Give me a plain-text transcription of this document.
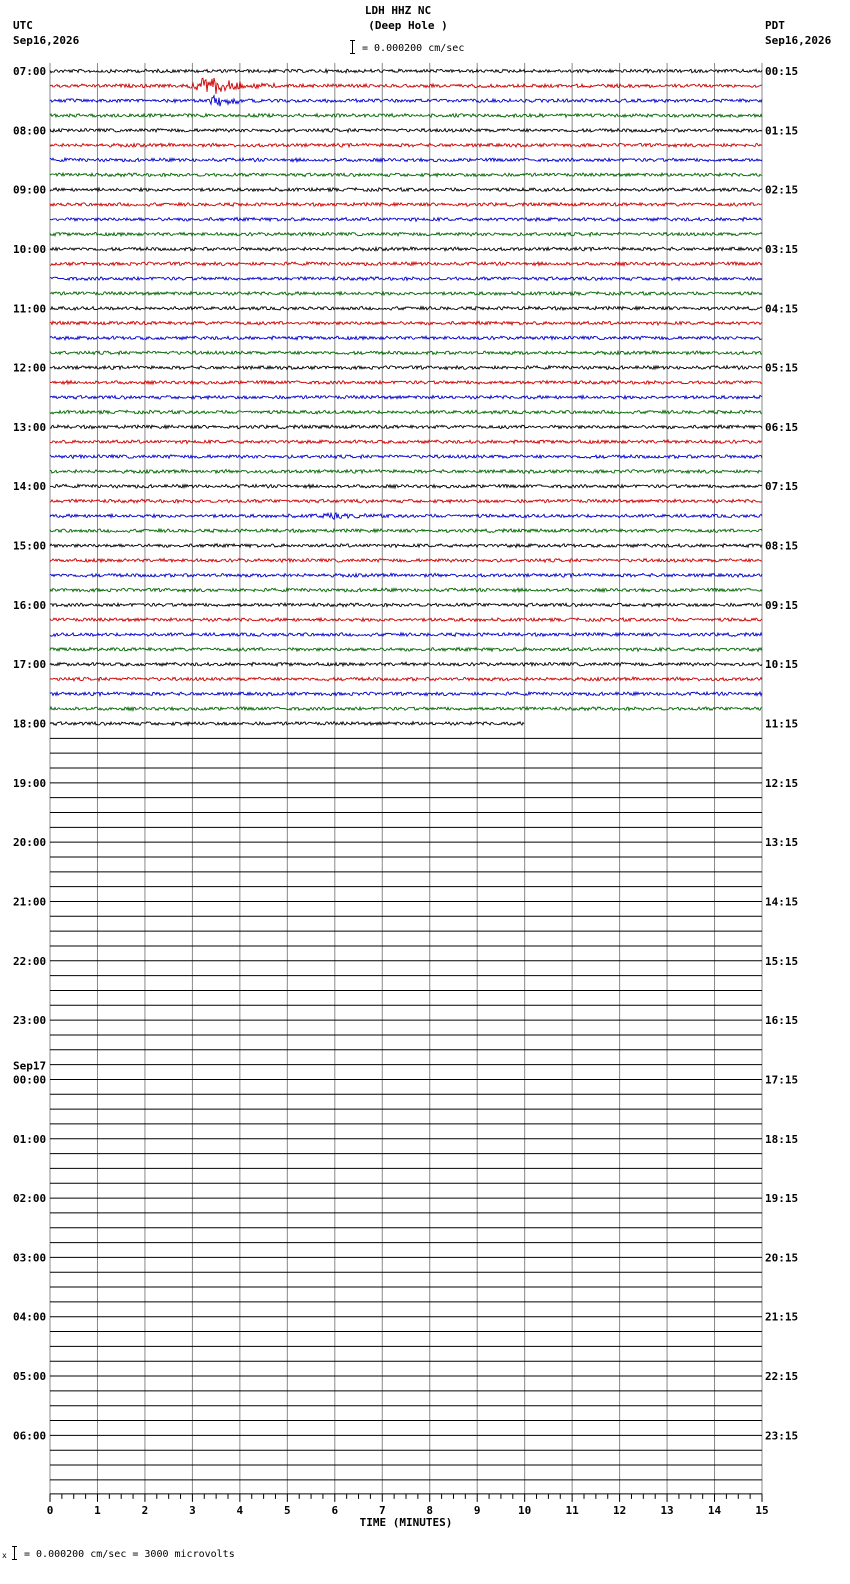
LDH HHZ NC
(Deep Hole )
= 0.000200 cm/sec
UTC
Sep16,2026
PDT
Sep16,2026
0	1	2	3	4	5	6	7	8	9	10	11	12	13	14	15
TIME (MINUTES)
07:00
08:00
09:00
10:00
11:00
12:00
13:00
14:00
15:00
16:00
17:00
18:00
19:00
20:00
21:00
22:00
23:00
00:00
Sep17
01:00
02:00
03:00
04:00
05:00
06:00
00:15
01:15
02:15
03:15
04:15
05:15
06:15
07:15
08:15
09:15
10:15
11:15
12:15
13:15
14:15
15:15
16:15
17:15
18:15
19:15
20:15
21:15
22:15
23:15
x = 0.000200 cm/sec = 3000 microvolts
